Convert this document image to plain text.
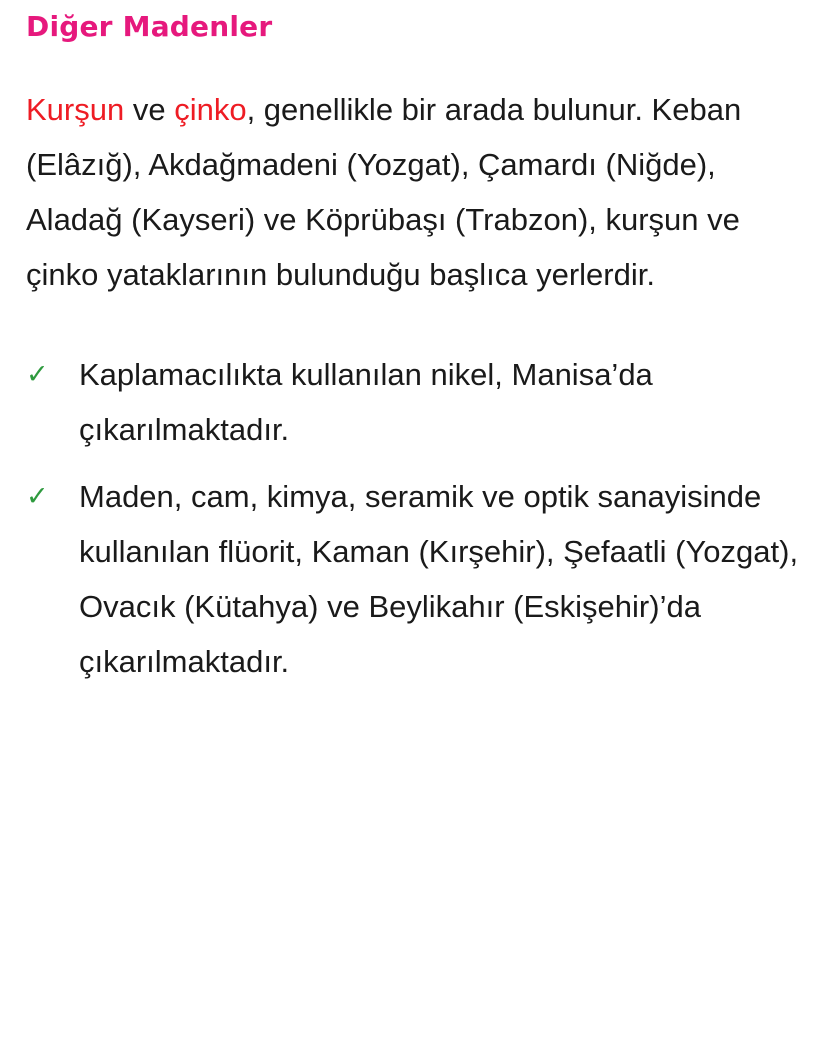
Diğer Madenler
Kurşun ve çinko, genellikle bir arada bulunur. Keban (Elâzığ), Akdağmadeni (Yozgat), Çamardı (Niğde), Aladağ (Kayseri) ve Köprübaşı (Trabzon), kurşun ve çinko yataklarının bulunduğu başlıca yerlerdir.
✓ Kaplamacılıkta kullanılan nikel, Manisa’da çıkarılmaktadır.
✓ Maden, cam, kimya, seramik ve optik sanayisinde kullanılan flüorit, Kaman (Kırşehir), Şefaatli (Yozgat), Ovacık (Kütahya) ve Beylikahır (Eskişehir)’da çıkarılmaktadır.
